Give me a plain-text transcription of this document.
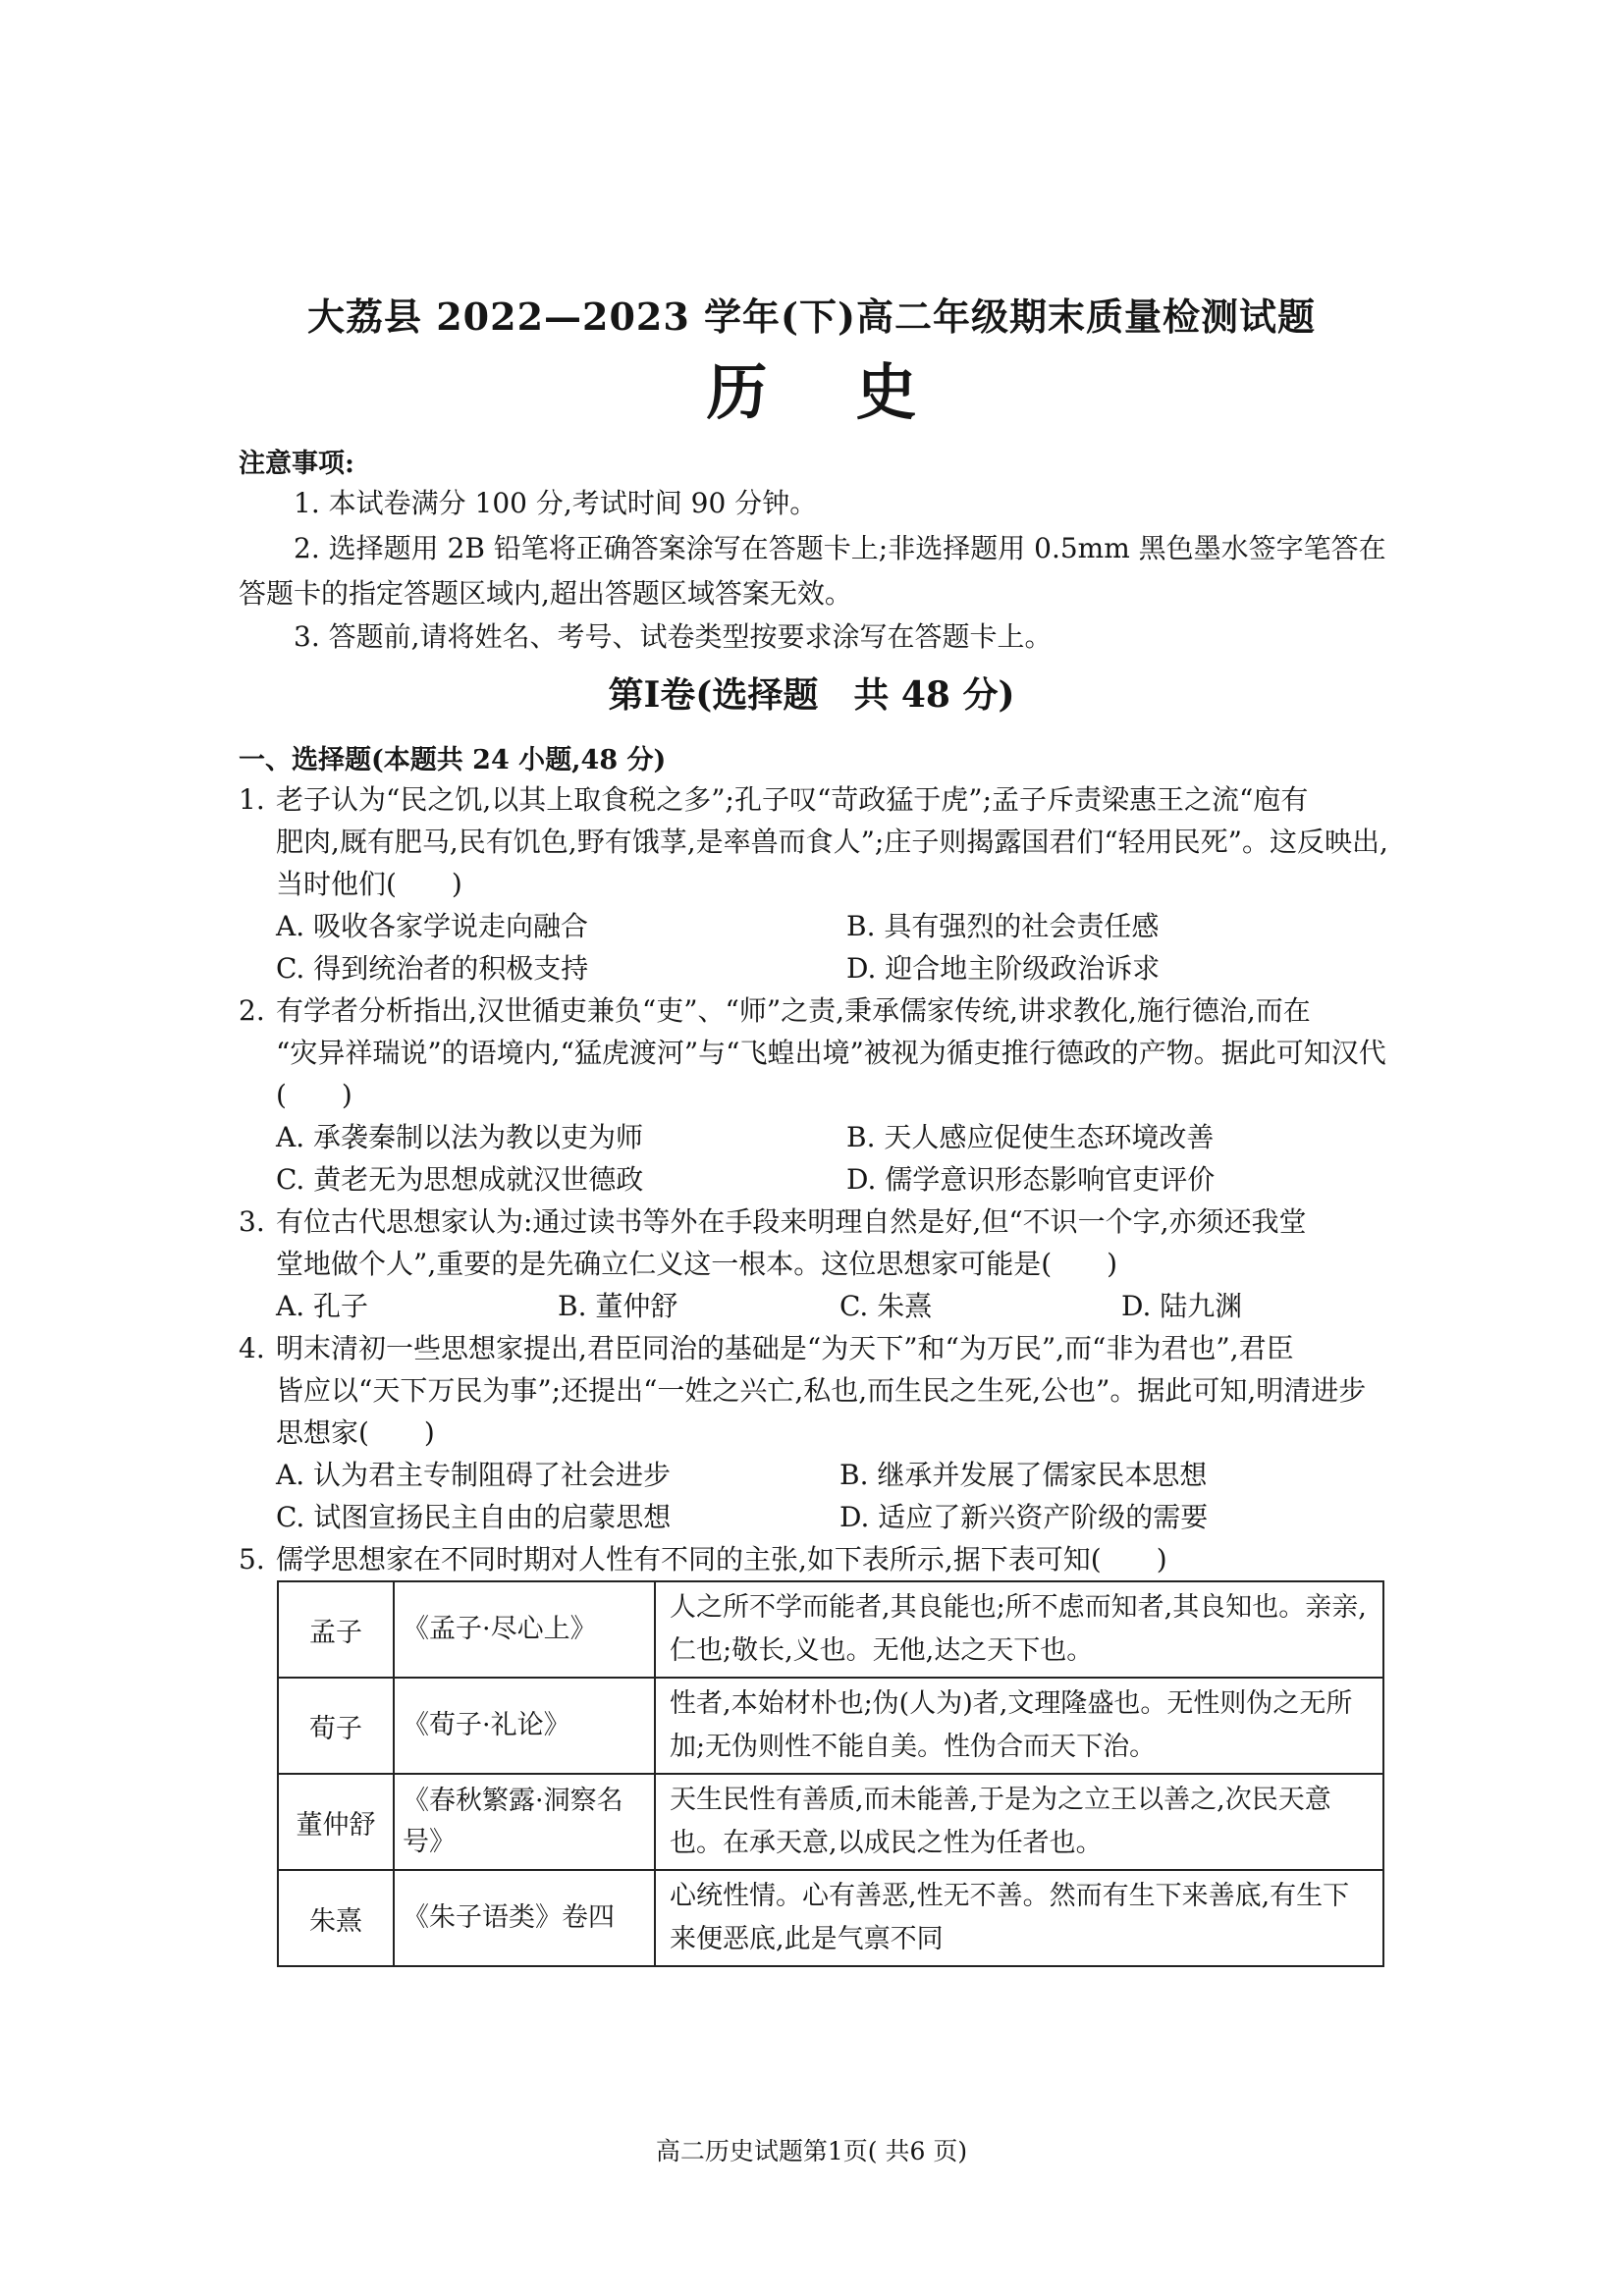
大荔县 2022—2023 学年(下)高二年级期末质量检测试题
历史
注意事项:
1. 本试卷满分 100 分,考试时间 90 分钟。
2. 选择题用 2B 铅笔将正确答案涂写在答题卡上;非选择题用 0.5mm 黑色墨水签字笔答在答题卡的指定答题区域内,超出答题区域答案无效。
3. 答题前,请将姓名、考号、试卷类型按要求涂写在答题卡上。
第Ⅰ卷(选择题　共 48 分)
一、选择题(本题共 24 小题,48 分)
1. 老子认为“民之饥,以其上取食税之多”;孔子叹“苛政猛于虎”;孟子斥责梁惠王之流“庖有
肥肉,厩有肥马,民有饥色,野有饿莩,是率兽而食人”;庄子则揭露国君们“轻用民死”。这反映出,当时他们(　　)
A. 吸收各家学说走向融合	B. 具有强烈的社会责任感
C. 得到统治者的积极支持	D. 迎合地主阶级政治诉求
2. 有学者分析指出,汉世循吏兼负“吏”、“师”之责,秉承儒家传统,讲求教化,施行德治,而在
“灾异祥瑞说”的语境内,“猛虎渡河”与“飞蝗出境”被视为循吏推行德政的产物。据此可知汉代(　　)
A. 承袭秦制以法为教以吏为师	B. 天人感应促使生态环境改善
C. 黄老无为思想成就汉世德政	D. 儒学意识形态影响官吏评价
3. 有位古代思想家认为:通过读书等外在手段来明理自然是好,但“不识一个字,亦须还我堂
堂地做个人”,重要的是先确立仁义这一根本。这位思想家可能是(　　)
A. 孔子	B. 董仲舒	C. 朱熹	D. 陆九渊
4. 明末清初一些思想家提出,君臣同治的基础是“为天下”和“为万民”,而“非为君也”,君臣
皆应以“天下万民为事”;还提出“一姓之兴亡,私也,而生民之生死,公也”。据此可知,明清进步思想家(　　)
A. 认为君主专制阻碍了社会进步	B. 继承并发展了儒家民本思想
C. 试图宣扬民主自由的启蒙思想	D. 适应了新兴资产阶级的需要
5. 儒学思想家在不同时期对人性有不同的主张,如下表所示,据下表可知(　　)
孟子	《孟子·尽心上》	人之所不学而能者,其良能也;所不虑而知者,其良知也。亲亲,仁也;敬长,义也。无他,达之天下也。
荀子	《荀子·礼论》	性者,本始材朴也;伪(人为)者,文理隆盛也。无性则伪之无所加;无伪则性不能自美。性伪合而天下治。
董仲舒	《春秋繁露·洞察名号》	天生民性有善质,而未能善,于是为之立王以善之,次民天意也。在承天意,以成民之性为任者也。
朱熹	《朱子语类》卷四	心统性情。心有善恶,性无不善。然而有生下来善底,有生下来便恶底,此是气禀不同
高二历史试题第1页( 共6 页)
